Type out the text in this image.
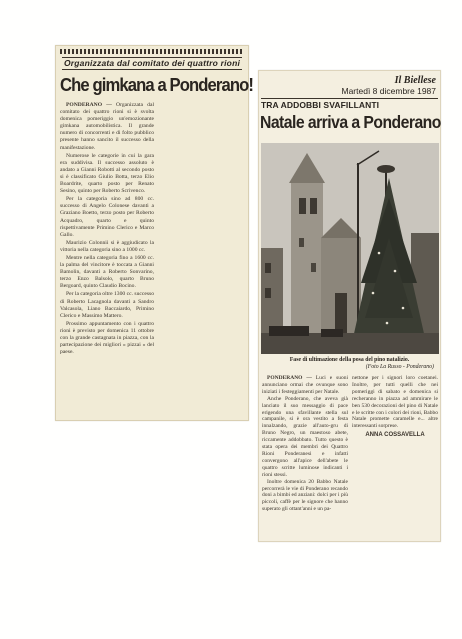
Organizzata dal comitato dei quattro rioni
Che gimkana a Ponderano!

PONDERANO — Organizzata dal comitato dei quattro rioni si è svolta domenica pomeriggio un'emozionante gimkana automobilistica. Il grande numero di concorrenti e di folto pubblico presente hanno sancito il successo della manifestazione.

Numerose le categorie in cui la gara era suddivisa. Il successo assoluto è andato a Gianni Robotti al secondo posto si è classificato Giulio Botta, terzo Elio Boardrite, quarto posto per Renato Sesino, quinto per Roberto Scrivenco.

Per la categoria sino ad 800 cc. successo di Angelo Colonese davanti a Graziano Boetto, terzo posto per Roberto Acquadro, quarto e quinto rispettivamente Primino Clerico e Marco Gallo.

Maurizio Colonnii si è aggiudicato la vittoria nella categoria sino a 1000 cc.

Mentre nella categoria fino a 1600 cc. la palma del vincitore è toccata a Gianni Bamolin, davanti a Roberto Sonvarino, terzo Enzo Balsolo, quarto Bruno Bergoard, quinto Claudio Bocino.

Per la categoria oltre 1300 cc. successo di Roberto Lacagnola davanti a Sandro Valcasola, Liano Baccaiardo, Primino Clerico e Massimo Mattero.

Prossimo appuntamento con i quattro rioni è previsto per domenica 11 ottobre con la grande castagnata in piazza, con la partecipazione dei migliori « pizzai » del paese.

Il Biellese
Martedì 8 dicembre 1987
TRA ADDOBBI SVAFILLANTI
Natale arriva a Ponderano
Fase di ultimazione della posa del pino natalizio.
(Foto La Russo - Ponderano)

PONDERANO — Luci e suoni annunciano ormai che ovunque sono iniziati i festeggiamenti per Natale.

Anche Ponderano, che aveva già lanciato il suo messaggio di pace erigendo una sfavillante stella sul campanile, si è ora vestito a festa innalzando, grazie all'auto-gru di Bruno Negro, un maestoso abete, riccamente addobbato. Tutto questo è stata opera dei membri dei Quattro Rioni Ponderanesi e infatti convergono all'apice dell'abete le quattro scritte luminose indicanti i rioni stessi.

Inoltre domenica 20 Babbo Natale percorrerà le vie di Ponderano recando doni a bimbi ed anziani: dolci per i più piccoli, caffè per le signore che hanno superato gli ottant'anni e un pa-

nettone per i signori loro coetanei. Inoltre, per tutti quelli che nei pomeriggi di sabato e domenica si recheranno in piazza ad ammirare le ben 530 decorazioni del pino di Natale e le scritte con i colori dei rioni, Babbo Natale promette caramelle e... altre interessanti sorprese.

ANNA COSSAVELLA
